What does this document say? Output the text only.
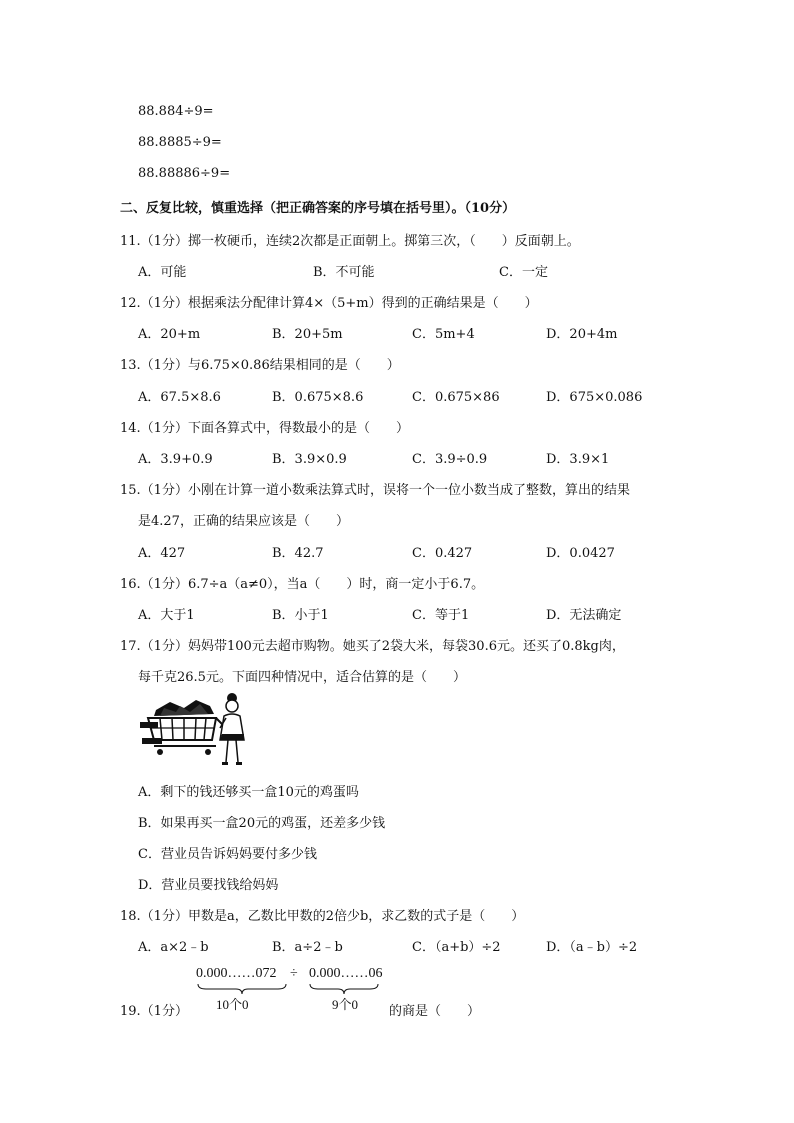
88.884÷9=
88.8885÷9=
88.88886÷9=
二、反复比较，慎重选择（把正确答案的序号填在括号里）。（10分）
11.（1分）掷一枚硬币，连续2次都是正面朝上。掷第三次，（　　）反面朝上。
A．可能	B．不可能	C．一定
12.（1分）根据乘法分配律计算4×（5+m）得到的正确结果是（　　）
A．20+m	B．20+5m	C．5m+4	D．20+4m
13.（1分）与6.75×0.86结果相同的是（　　）
A．67.5×8.6	B．0.675×8.6	C．0.675×86	D．675×0.086
14.（1分）下面各算式中，得数最小的是（　　）
A．3.9+0.9	B．3.9×0.9	C．3.9÷0.9	D．3.9×1
15.（1分）小刚在计算一道小数乘法算式时，误将一个一位小数当成了整数，算出的结果
是4.27，正确的结果应该是（　　）
A．427	B．42.7	C．0.427	D．0.0427
16.（1分）6.7÷a（a≠0），当a（　　）时，商一定小于6.7。
A．大于1	B．小于1	C．等于1	D．无法确定
17.（1分）妈妈带100元去超市购物。她买了2袋大米，每袋30.6元。还买了0.8kg肉，
每千克26.5元。下面四种情况中，适合估算的是（　　）
A．剩下的钱还够买一盒10元的鸡蛋吗
B．如果再买一盒20元的鸡蛋，还差多少钱
C．营业员告诉妈妈要付多少钱
D．营业员要找钱给妈妈
18.（1分）甲数是a，乙数比甲数的2倍少b，求乙数的式子是（　　）
A．a×2﹣b	B．a÷2﹣b	C．（a+b）÷2	D．（a﹣b）÷2
19.（1分）
0.000……072 ÷ 0.000……06
10个0	9个0 的商是（　　）
